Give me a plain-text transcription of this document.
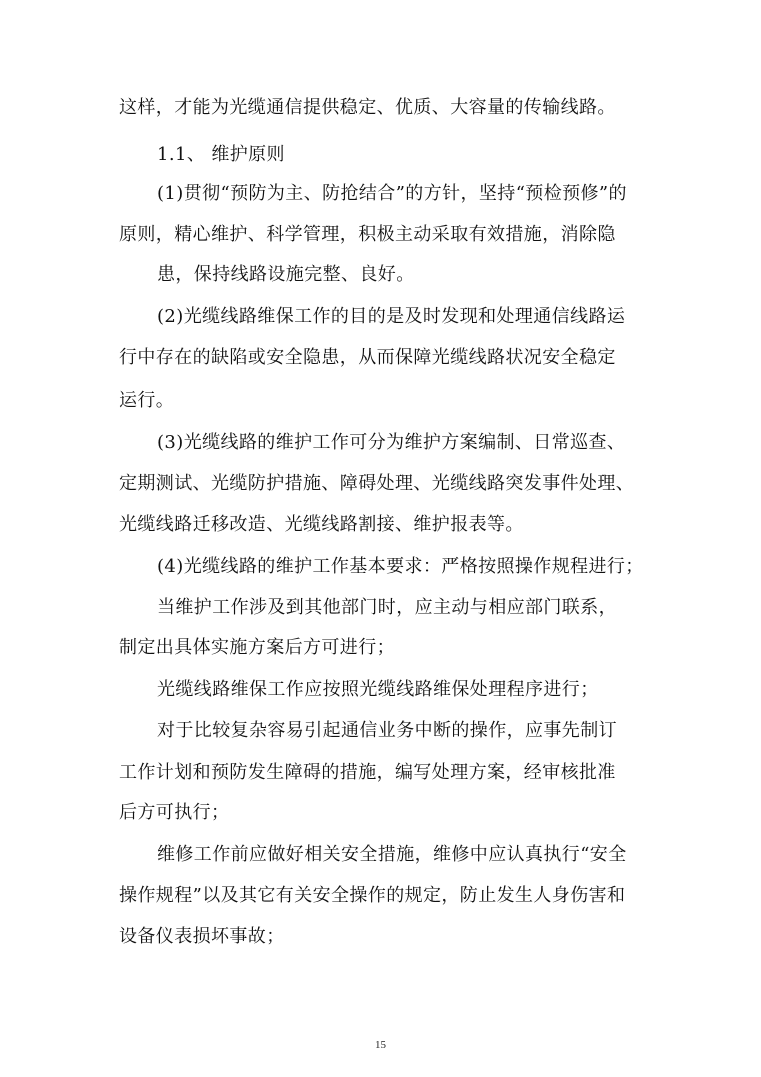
这样，才能为光缆通信提供稳定、优质、大容量的传输线路。
1.1、 维护原则
(1)贯彻“预防为主、防抢结合”的方针，坚持“预检预修”的
原则，精心维护、科学管理，积极主动采取有效措施，消除隐
患，保持线路设施完整、良好。
(2)光缆线路维保工作的目的是及时发现和处理通信线路运
行中存在的缺陷或安全隐患，从而保障光缆线路状况安全稳定
运行。
(3)光缆线路的维护工作可分为维护方案编制、日常巡查、
定期测试、光缆防护措施、障碍处理、光缆线路突发事件处理、
光缆线路迁移改造、光缆线路割接、维护报表等。
(4)光缆线路的维护工作基本要求：严格按照操作规程进行；
当维护工作涉及到其他部门时，应主动与相应部门联系，
制定出具体实施方案后方可进行；
光缆线路维保工作应按照光缆线路维保处理程序进行；
对于比较复杂容易引起通信业务中断的操作，应事先制订
工作计划和预防发生障碍的措施，编写处理方案，经审核批准
后方可执行；
维修工作前应做好相关安全措施，维修中应认真执行“安全
操作规程”以及其它有关安全操作的规定，防止发生人身伤害和
设备仪表损坏事故；
15
